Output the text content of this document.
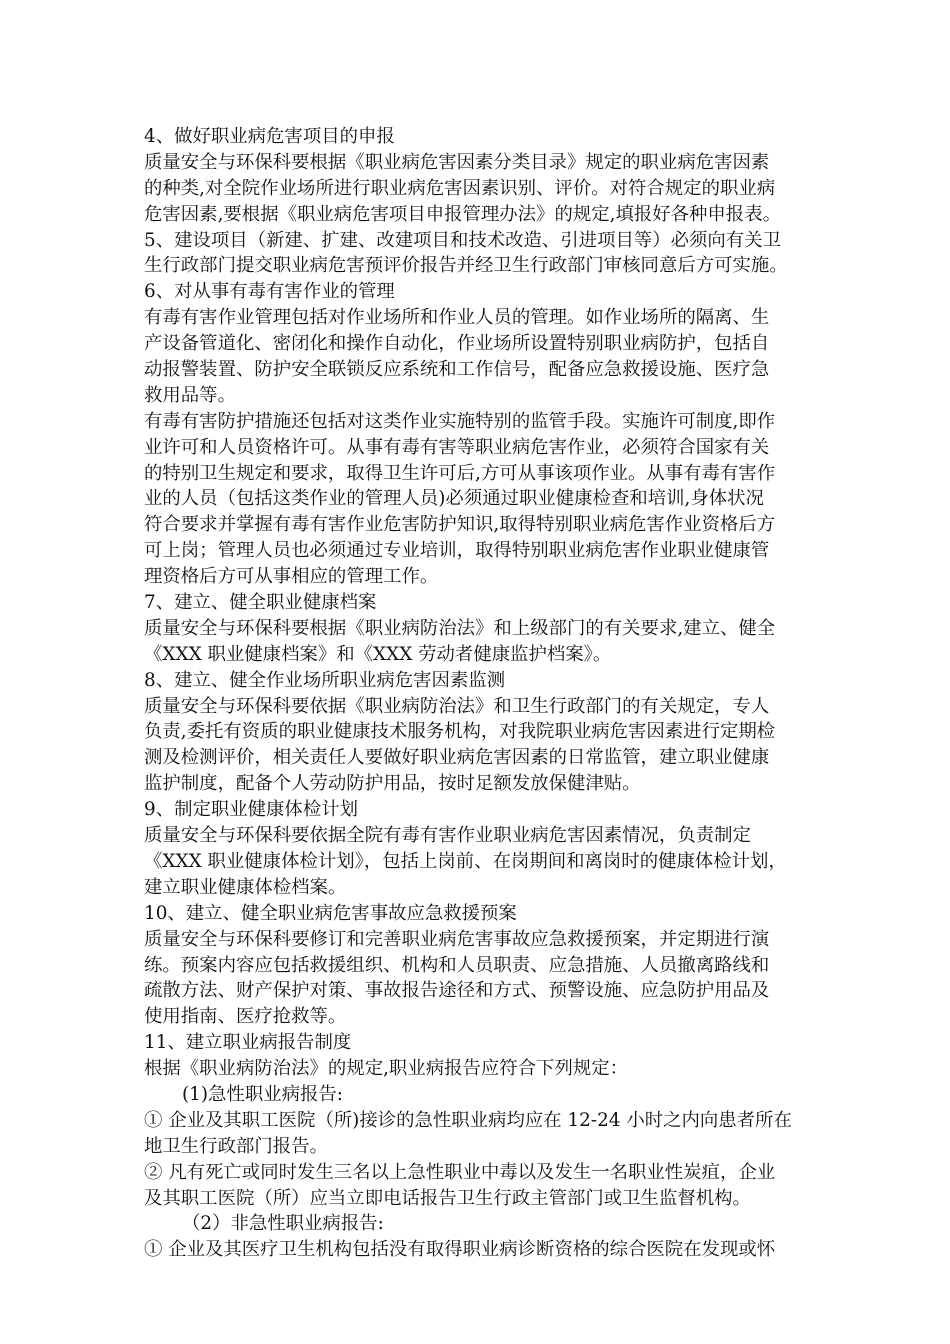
4、做好职业病危害项目的申报
质量安全与环保科要根据《职业病危害因素分类目录》规定的职业病危害因素
的种类,对全院作业场所进行职业病危害因素识别、评价。对符合规定的职业病
危害因素,要根据《职业病危害项目申报管理办法》的规定,填报好各种申报表。
5、建设项目（新建、扩建、改建项目和技术改造、引进项目等）必须向有关卫
生行政部门提交职业病危害预评价报告并经卫生行政部门审核同意后方可实施。
6、对从事有毒有害作业的管理
有毒有害作业管理包括对作业场所和作业人员的管理。如作业场所的隔离、生
产设备管道化、密闭化和操作自动化，作业场所设置特别职业病防护，包括自
动报警装置、防护安全联锁反应系统和工作信号，配备应急救援设施、医疗急
救用品等。
有毒有害防护措施还包括对这类作业实施特别的监管手段。实施许可制度,即作
业许可和人员资格许可。从事有毒有害等职业病危害作业，必须符合国家有关
的特别卫生规定和要求，取得卫生许可后,方可从事该项作业。从事有毒有害作
业的人员（包括这类作业的管理人员)必须通过职业健康检查和培训,身体状况
符合要求并掌握有毒有害作业危害防护知识,取得特别职业病危害作业资格后方
可上岗；管理人员也必须通过专业培训，取得特别职业病危害作业职业健康管
理资格后方可从事相应的管理工作。
7、建立、健全职业健康档案
质量安全与环保科要根据《职业病防治法》和上级部门的有关要求,建立、健全
《XXX 职业健康档案》和《XXX 劳动者健康监护档案》。
8、建立、健全作业场所职业病危害因素监测
质量安全与环保科要依据《职业病防治法》和卫生行政部门的有关规定，专人
负责,委托有资质的职业健康技术服务机构，对我院职业病危害因素进行定期检
测及检测评价，相关责任人要做好职业病危害因素的日常监管，建立职业健康
监护制度，配备个人劳动防护用品，按时足额发放保健津贴。
9、制定职业健康体检计划
质量安全与环保科要依据全院有毒有害作业职业病危害因素情况，负责制定
《XXX 职业健康体检计划》，包括上岗前、在岗期间和离岗时的健康体检计划，
建立职业健康体检档案。
10、建立、健全职业病危害事故应急救援预案
质量安全与环保科要修订和完善职业病危害事故应急救援预案，并定期进行演
练。预案内容应包括救援组织、机构和人员职责、应急措施、人员撤离路线和
疏散方法、财产保护对策、事故报告途径和方式、预警设施、应急防护用品及
使用指南、医疗抢救等。
11、建立职业病报告制度
根据《职业病防治法》的规定,职业病报告应符合下列规定：
(1)急性职业病报告:
① 企业及其职工医院（所)接诊的急性职业病均应在 12-24 小时之内向患者所在
地卫生行政部门报告。
② 凡有死亡或同时发生三名以上急性职业中毒以及发生一名职业性炭疽，企业
及其职工医院（所）应当立即电话报告卫生行政主管部门或卫生监督机构。
（2）非急性职业病报告:
① 企业及其医疗卫生机构包括没有取得职业病诊断资格的综合医院在发现或怀
